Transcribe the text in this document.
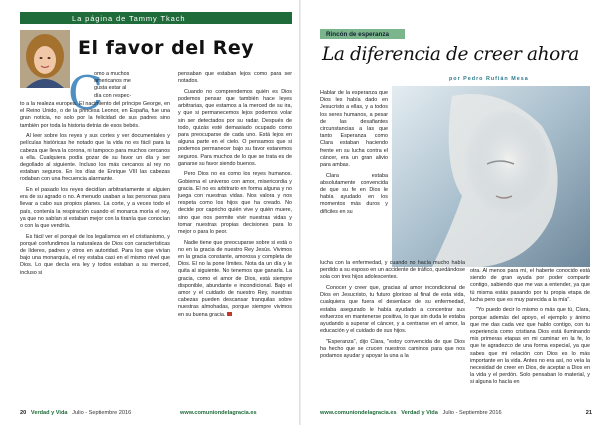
La página de Tammy Tkach
El favor del Rey
C
omo a muchos
americanos me
gusta estar al
día con respec-

to a la realeza europea. El nacimiento del príncipe George, en el Reino Unido, o de la princesa Leonor, en España, fue una gran noticia, no solo por la felicidad de sus padres sino también por toda la historia detrás de esos bebés.

Al leer sobre los reyes y sus cortes y ver documentales y películas históricas he notado que la vida no es fácil para la cabeza que lleva la corona, ni tampoco para muchos cercanos a ella. Cualquiera podía gozar de su favor un día y ser degollado al siguiente. Incluso los más cercanos al rey no estaban seguros. En los días de Enrique VIII las cabezas rodaban con una frecuencia alarmante.

En el pasado los reyes decidían arbitrariamente si alguien era de su agrado o no. A menudo usaban a las personas para llevar a cabo sus propios planes. La corte, y a veces todo el país, contenía la respiración cuando el monarca moría el rey, ya que no sabían si estaban mejor con la tiranía que conocían o con la que vendría.

Es fácil ver el porqué de los legalismos en el cristianismo, y porqué confundimos la naturaleza de Dios con características de líderes, padres y otros en autoridad. Para los que vivían bajo una monarquía, el rey estaba casi en el mismo nivel que Dios. Lo que decía era ley y todos estaban a su merced, incluso si

pensaban que estaban lejos como para ser notados.

Cuando no comprendemos quién es Dios podemos pensar que también hace leyes arbitrarias, que estamos a la merced de su ira, y que si permanecemos lejos podemos volar sin ser detectados por su radar. Después de todo, quizás esté demasiado ocupado como para preocuparse de cada uno. Está lejos en alguna parte en el cielo. O pensamos que si podemos permanecer bajo su favor estaremos seguros. Para muchos de lo que se trata es de ganarse su favor siendo buenos.

Pero Dios no es como los reyes humanos. Gobierna el universo con amor, misericordia y gracia. El no es arbitrario en forma alguna y no juega con nuestras vidas. Nos valora y nos respeta como los hijos que ha creado. No decide por capricho quién vive y quién muere, sino que nos permite vivir nuestras vidas y tomar nuestras propias decisiones para lo mejor o para lo peor.

Nadie tiene que preocuparse sobre si está o no en la gracia de nuestro Rey Jesús. Vivimos en la gracia constante, amorosa y completa de Dios. El no la pone límites. Nota da un día y le quita al siguiente. No tenemos que ganarla. La gracia, como el amor de Dios, está siempre disponible, abundante e incondicional. Bajo el amor y el cuidado de nuestro Rey, nuestras cabezas pueden descansar tranquilas sobre nuestras almohadas, porque siempre vivimos en su buena gracia.

20 Verdad y Vida Julio - Septiembre 2016	www.comuniondelagracia.es
Rincón de esperanza
La diferencia de creer ahora
por Pedro Rufián Mesa

Hablar de la esperanza que Dios les había dado en Jesucristo a ellas, y a todos los seres humanos, a pesar de las desafiantes circunstancias a las que tanto Esperanza como Clara estaban haciendo frente en su lucha contra el cáncer, era un gran alivio para ambas.

Clara estaba absolutamente convencida de que su fe en Dios le había ayudado en los momentos más duros y difíciles en su

lucha con la enfermedad, y cuando no hacía mucho había perdido a su esposo en un accidente de tráfico, quedándose sola con tres hijos adolescentes.

Conocer y creer que, gracias al amor incondicional de Dios en Jesucristo, tu futuro glorioso al final de esta vida, cualquiera que fuera el desenlace de su enfermedad, estaba asegurado le había ayudado a concentrar sus esfuerzos en mantenerse positiva, lo que sin duda le estaba ayudando a superar el cáncer, y a centrarse en el amor, la educación y el cuidado de sus hijos.

"Esperanza", dijo Clara, "estoy convencida de que Dios ha hecho que se crucen nuestros caminos para que nos podamos ayudar y apoyar la una a la

otra. Al menos para mí, el haberte conocido está siendo de gran ayuda por poder compartir contigo, sabiendo que me vas a entender, ya que tú misma estás pasando por tu propia etapa de lucha pero que es muy parecida a la mía".

"Yo puedo decir lo mismo o más que tú, Clara, porque además del apoyo, el ejemplo y ánimo que me das cada vez que hablo contigo, con tu experiencia como cristiana Dios está iluminando mis primeras etapas en mi caminar en la fe, lo que te agradezco de una forma especial, ya que sabes que mi relación con Dios es lo más importante en la vida. Antes no era así, no veía la necesidad de creer en Dios, de aceptar a Dios en la vida y el perdón. Solo pensaban lo material, y si alguna lo hacía en

www.comuniondelagracia.es Verdad y Vida Julio - Septiembre 2016	21
